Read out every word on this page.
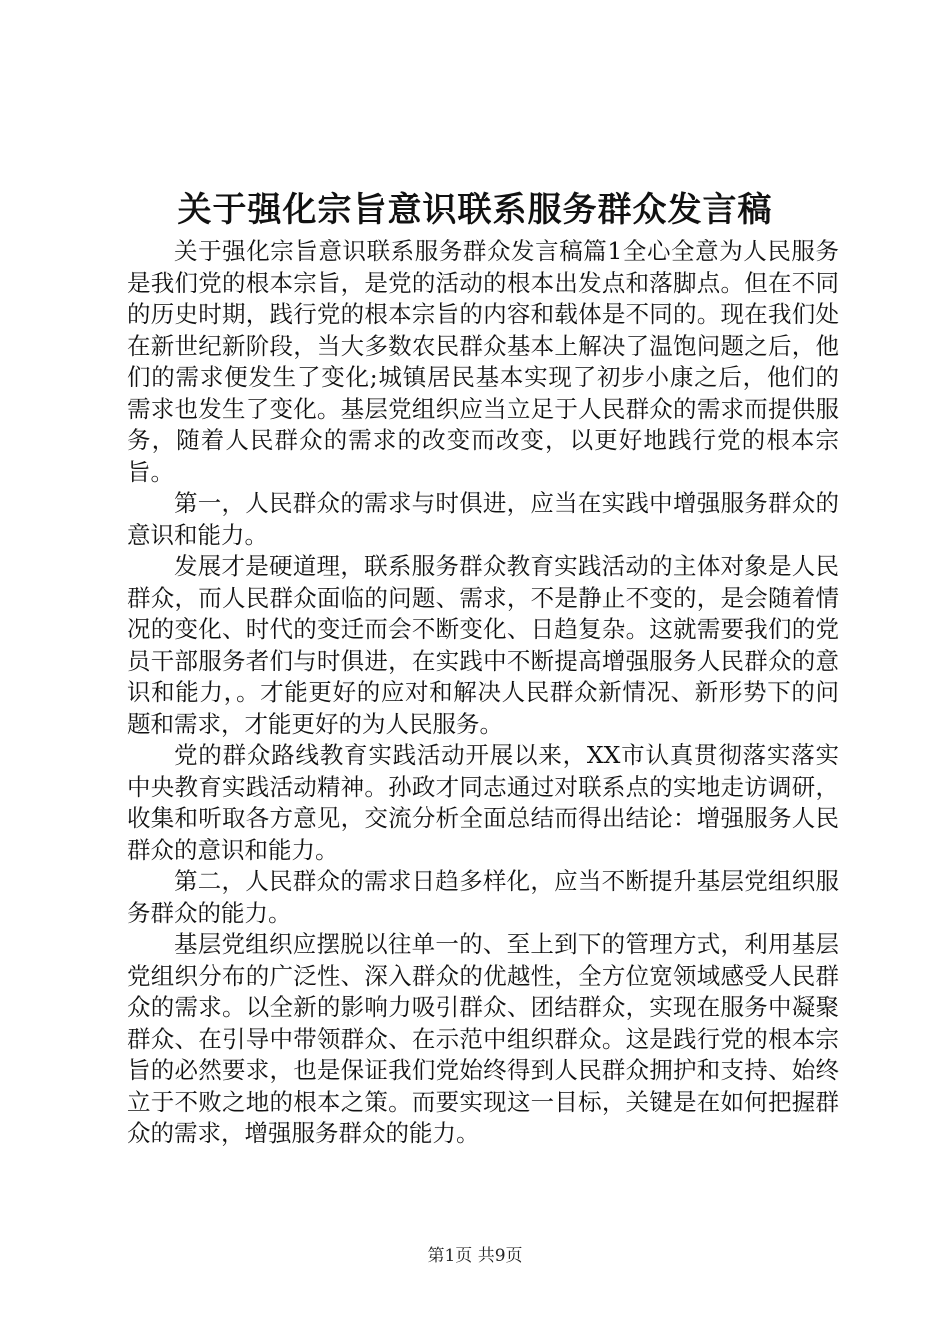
关于强化宗旨意识联系服务群众发言稿

关于强化宗旨意识联系服务群众发言稿篇1全心全意为人民服务是我们党的根本宗旨，是党的活动的根本出发点和落脚点。但在不同的历史时期，践行党的根本宗旨的内容和载体是不同的。现在我们处在新世纪新阶段，当大多数农民群众基本上解决了温饱问题之后，他们的需求便发生了变化;城镇居民基本实现了初步小康之后，他们的需求也发生了变化。基层党组织应当立足于人民群众的需求而提供服务，随着人民群众的需求的改变而改变，以更好地践行党的根本宗旨。

第一，人民群众的需求与时俱进，应当在实践中增强服务群众的意识和能力。

发展才是硬道理，联系服务群众教育实践活动的主体对象是人民群众，而人民群众面临的问题、需求，不是静止不变的，是会随着情况的变化、时代的变迁而会不断变化、日趋复杂。这就需要我们的党员干部服务者们与时俱进，在实践中不断提高增强服务人民群众的意识和能力，。才能更好的应对和解决人民群众新情况、新形势下的问题和需求，才能更好的为人民服务。

党的群众路线教育实践活动开展以来，XX市认真贯彻落实落实中央教育实践活动精神。孙政才同志通过对联系点的实地走访调研，收集和听取各方意见，交流分析全面总结而得出结论：增强服务人民群众的意识和能力。

第二，人民群众的需求日趋多样化，应当不断提升基层党组织服务群众的能力。

基层党组织应摆脱以往单一的、至上到下的管理方式，利用基层党组织分布的广泛性、深入群众的优越性，全方位宽领域感受人民群众的需求。以全新的影响力吸引群众、团结群众，实现在服务中凝聚群众、在引导中带领群众、在示范中组织群众。这是践行党的根本宗旨的必然要求，也是保证我们党始终得到人民群众拥护和支持、始终立于不败之地的根本之策。而要实现这一目标，关键是在如何把握群众的需求，增强服务群众的能力。

第1页 共9页
